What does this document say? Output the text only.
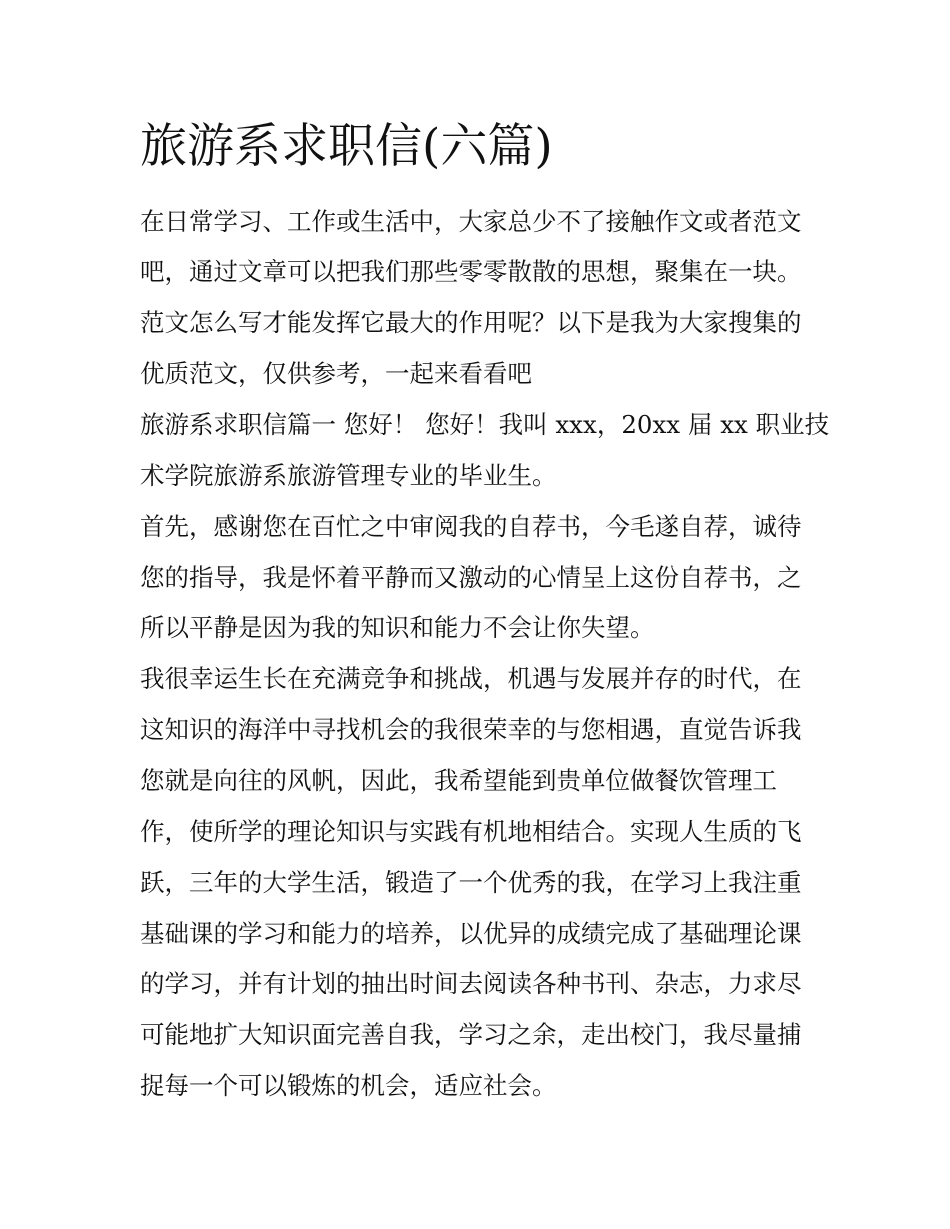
旅游系求职信(六篇)

在日常学习、工作或生活中，大家总少不了接触作文或者范文

吧，通过文章可以把我们那些零零散散的思想，聚集在一块。

范文怎么写才能发挥它最大的作用呢？以下是我为大家搜集的

优质范文，仅供参考，一起来看看吧

旅游系求职信篇一 您好！ 您好！我叫 xxx，20xx 届 xx 职业技

术学院旅游系旅游管理专业的毕业生。

首先，感谢您在百忙之中审阅我的自荐书，今毛遂自荐，诚待

您的指导，我是怀着平静而又激动的心情呈上这份自荐书，之

所以平静是因为我的知识和能力不会让你失望。

我很幸运生长在充满竞争和挑战，机遇与发展并存的时代，在

这知识的海洋中寻找机会的我很荣幸的与您相遇，直觉告诉我

您就是向往的风帆，因此，我希望能到贵单位做餐饮管理工

作，使所学的理论知识与实践有机地相结合。实现人生质的飞

跃，三年的大学生活，锻造了一个优秀的我，在学习上我注重

基础课的学习和能力的培养，以优异的成绩完成了基础理论课

的学习，并有计划的抽出时间去阅读各种书刊、杂志，力求尽

可能地扩大知识面完善自我，学习之余，走出校门，我尽量捕

捉每一个可以锻炼的机会，适应社会。
